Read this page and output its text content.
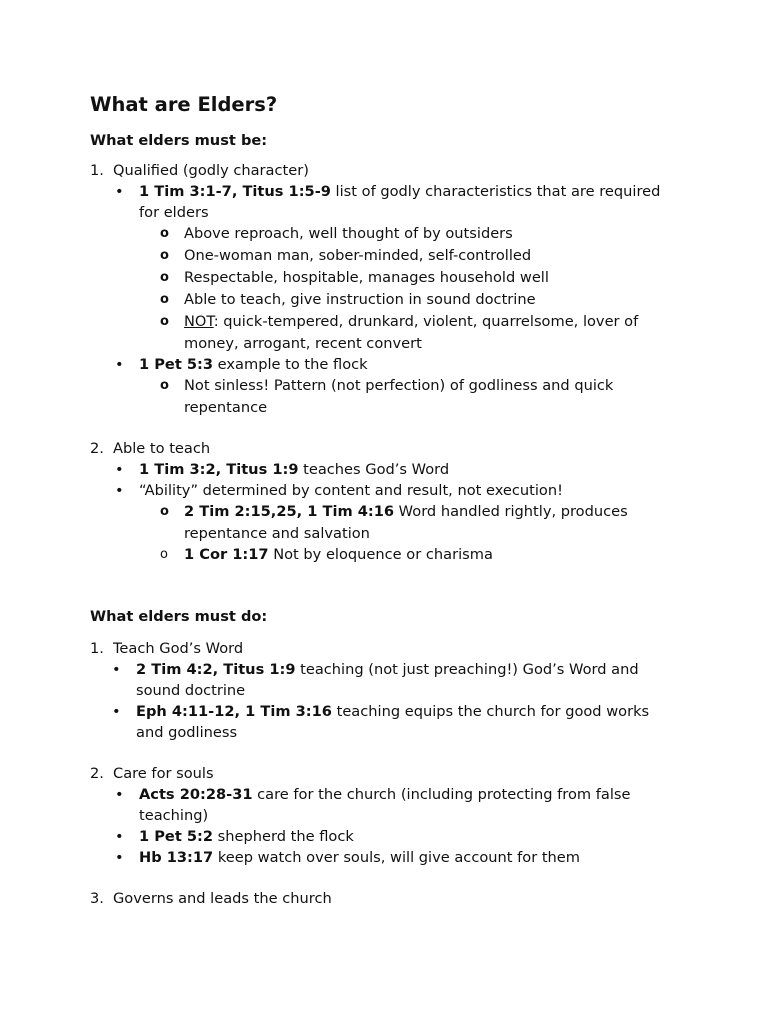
What are Elders?
What elders must be:
1. Qualified (godly character)
• 1 Tim 3:1-7, Titus 1:5-9 list of godly characteristics that are required
for elders
o Above reproach, well thought of by outsiders
o One-woman man, sober-minded, self-controlled
o Respectable, hospitable, manages household well
o Able to teach, give instruction in sound doctrine
o NOT: quick-tempered, drunkard, violent, quarrelsome, lover of
money, arrogant, recent convert
• 1 Pet 5:3 example to the flock
o Not sinless! Pattern (not perfection) of godliness and quick
repentance
2. Able to teach
• 1 Tim 3:2, Titus 1:9 teaches God’s Word
• “Ability” determined by content and result, not execution!
o 2 Tim 2:15,25, 1 Tim 4:16 Word handled rightly, produces
repentance and salvation
o 1 Cor 1:17 Not by eloquence or charisma
What elders must do:
1. Teach God’s Word
• 2 Tim 4:2, Titus 1:9 teaching (not just preaching!) God’s Word and
sound doctrine
• Eph 4:11-12, 1 Tim 3:16 teaching equips the church for good works
and godliness
2. Care for souls
• Acts 20:28-31 care for the church (including protecting from false
teaching)
• 1 Pet 5:2 shepherd the flock
• Hb 13:17 keep watch over souls, will give account for them
3. Governs and leads the church
